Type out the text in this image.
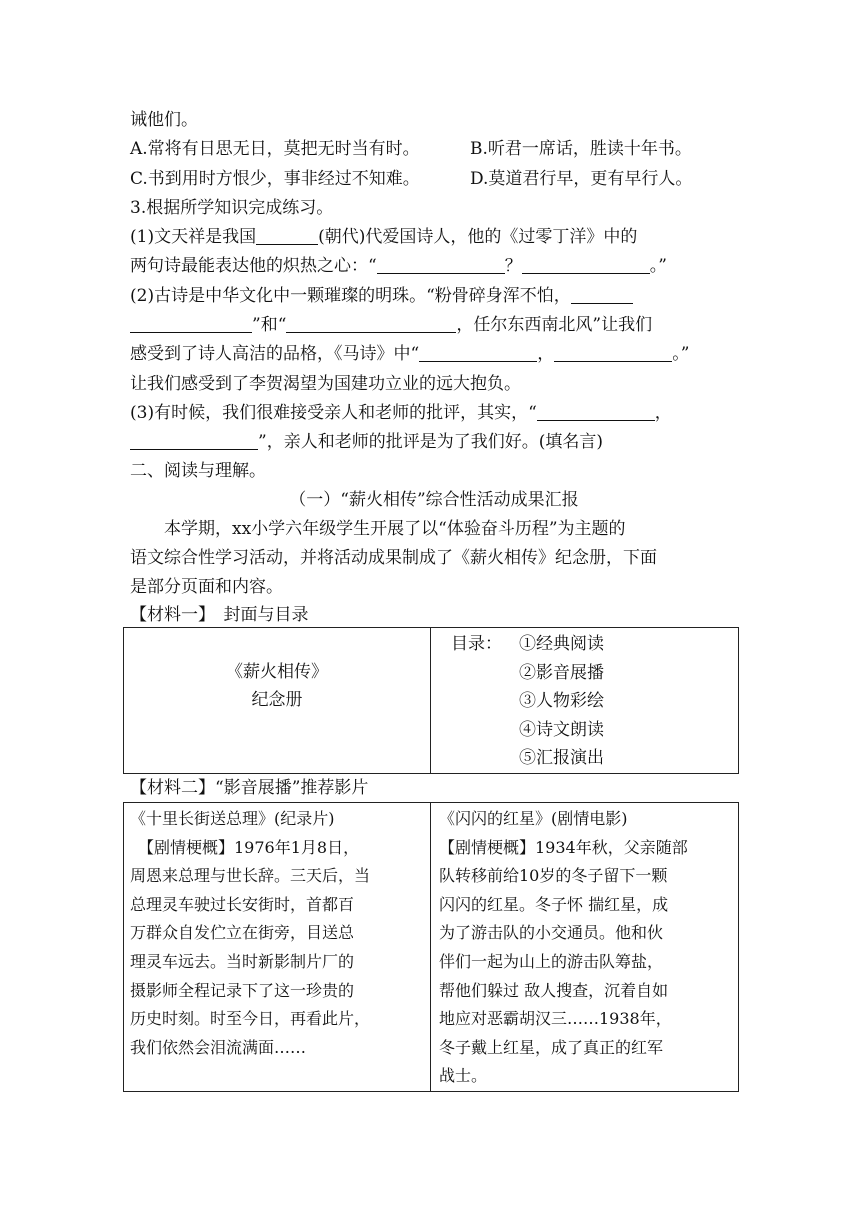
诫他们。
A.常将有日思无日，莫把无时当有时。	B.听君一席话，胜读十年书。
C.书到用时方恨少，事非经过不知难。	D.莫道君行早，更有早行人。
3.根据所学知识完成练习。
(1)文天祥是我国	(朝代)代爱国诗人，他的《过零丁洋》中的
两句诗最能表达他的炽热之心：“	？	。”
(2)古诗是中华文化中一颗璀璨的明珠。“粉骨碎身浑不怕，
”和“	，任尔东西南北风”让我们
感受到了诗人高洁的品格，《马诗》中“	，	。”
让我们感受到了李贺渴望为国建功立业的远大抱负。
(3)有时候，我们很难接受亲人和老师的批评，其实，“	，
”，亲人和老师的批评是为了我们好。(填名言)
二、阅读与理解。
（一）“薪火相传”综合性活动成果汇报
本学期，xx小学六年级学生开展了以“体验奋斗历程”为主题的
语文综合性学习活动，并将活动成果制成了《薪火相传》纪念册，下面
是部分页面和内容。
【材料一】　封面与目录
《薪火相传》
纪念册

目录： ①经典阅读
②影音展播
③人物彩绘
④诗文朗读
⑤汇报演出
【材料二】“影音展播”推荐影片
《十里长街送总理》(纪录片)
【剧情梗概】1976年1月8日，
周恩来总理与世长辞。三天后，当
总理灵车驶过长安街时，首都百
万群众自发伫立在街旁，目送总
理灵车远去。当时新影制片厂的
摄影师全程记录下了这一珍贵的
历史时刻。时至今日，再看此片，
我们依然会泪流满面……

《闪闪的红星》(剧情电影)
【剧情梗概】1934年秋，父亲随部
队转移前给10岁的冬子留下一颗
闪闪的红星。冬子怀 揣红星，成
为了游击队的小交通员。他和伙
伴们一起为山上的游击队筹盐，
帮他们躲过 敌人搜查，沉着自如
地应对恶霸胡汉三……1938年，
冬子戴上红星，成了真正的红军
战士。
